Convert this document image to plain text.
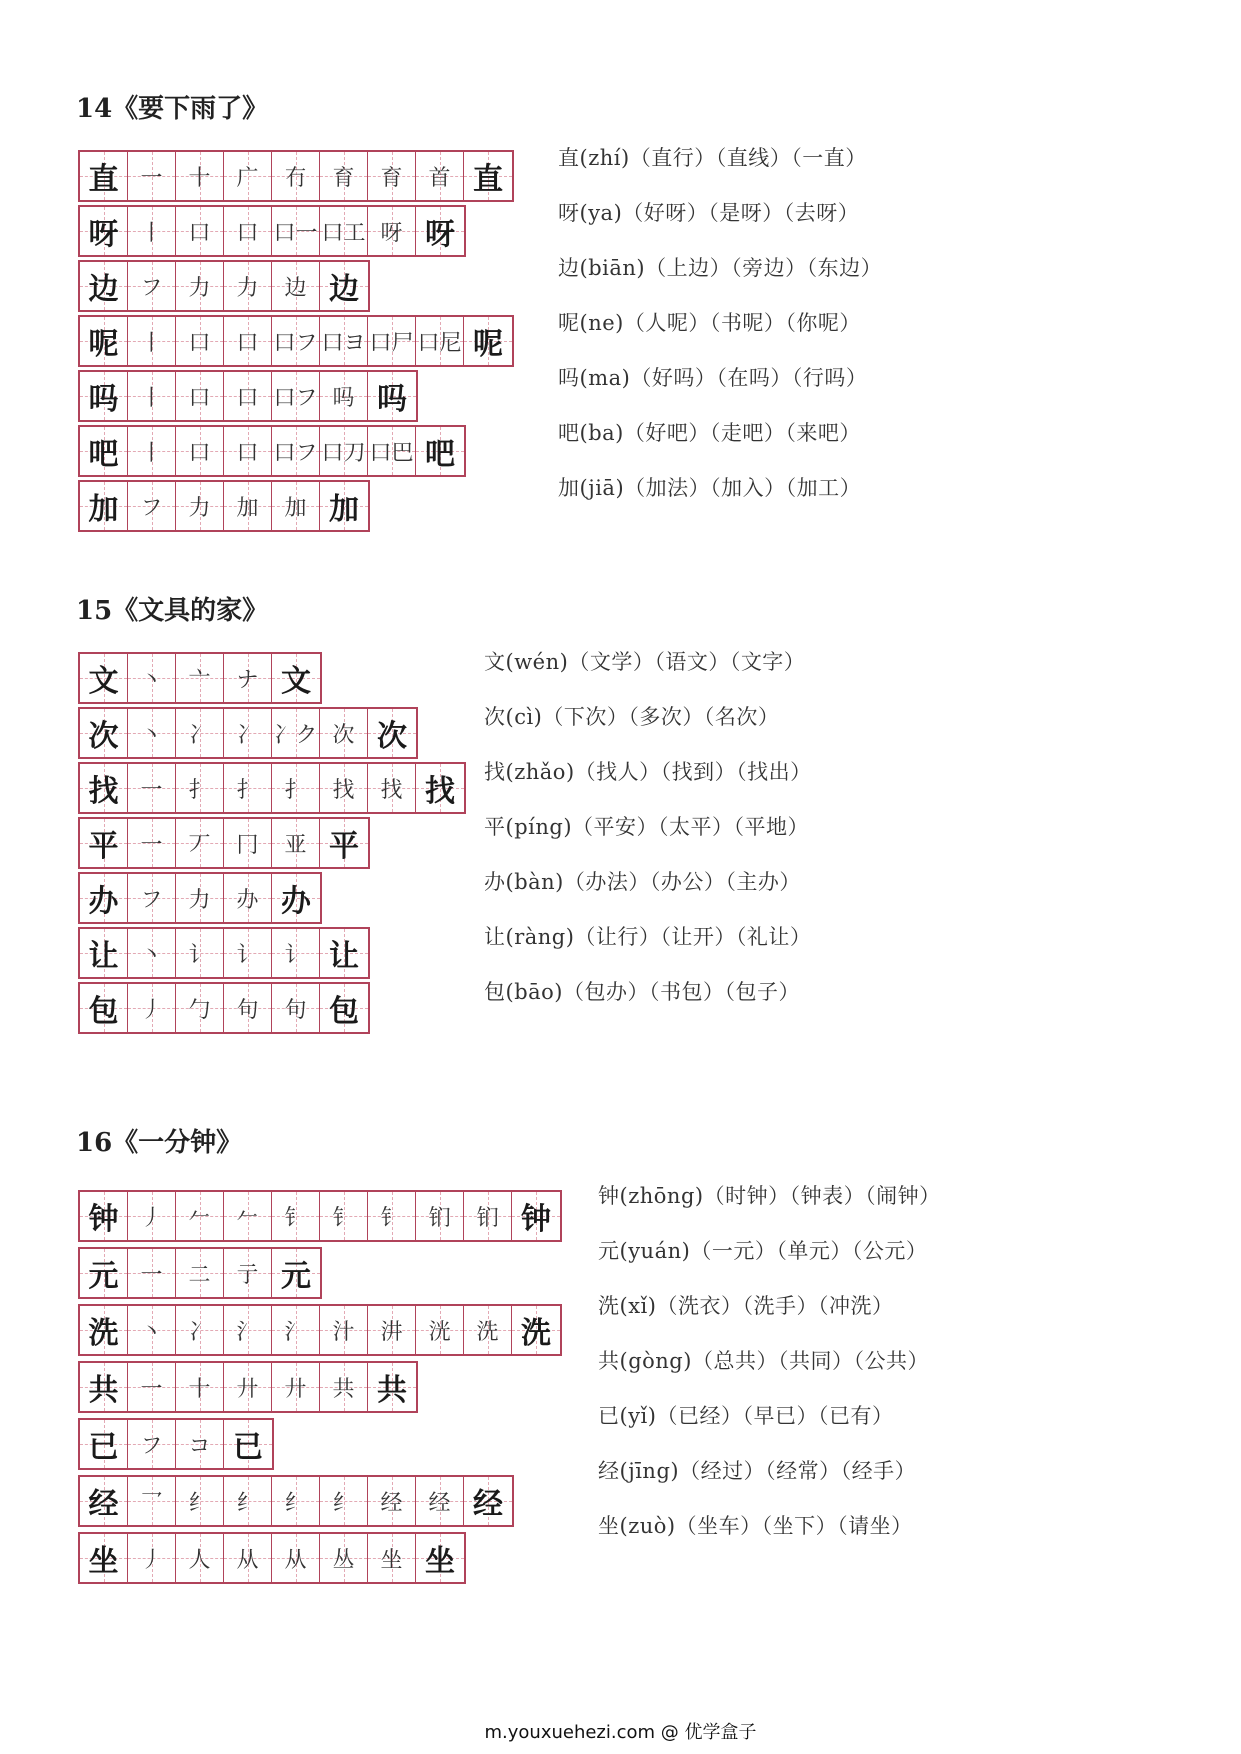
14《要下雨了》
直 一 十 广 冇 育 育 首 直
呀 丨 口 口 口一 口工 呀 呀
边 フ 力 力 边 边
呢 丨 口 口 口フ 口ヨ 口尸 口尼 呢
吗 丨 口 口 口フ 吗 吗
吧 丨 口 口 口フ 口刀 口巴 吧
加 フ 力 加 加 加
直(zhí)（直行）（直线）（一直）
呀(ya)（好呀）（是呀）（去呀）
边(biān)（上边）（旁边）（东边）
呢(ne)（人呢）（书呢）（你呢）
吗(ma)（好吗）（在吗）（行吗）
吧(ba)（好吧）（走吧）（来吧）
加(jiā)（加法）（加入）（加工）
15《文具的家》
文 丶 亠 ナ 文
次 丶 冫 冫 冫ク 次 次
找 一 扌 扌 扌 找 找 找
平 一 丆 冂 亚 平
办 フ 力 办 办
让 丶 讠 讠 讠 让
包 丿 勹 句 句 包
文(wén)（文学）（语文）（文字）
次(cì)（下次）（多次）（名次）
找(zhǎo)（找人）（找到）（找出）
平(píng)（平安）（太平）（平地）
办(bàn)（办法）（办公）（主办）
让(ràng)（让行）（让开）（礼让）
包(bāo)（包办）（书包）（包子）
16《一分钟》
钟 丿 𠂉 𠂉 钅 钅 钅 钔 钔 钟
元 一 二 亍 元
洗 丶 冫 氵 氵 汁 汫 洸 洗 洗
共 一 十 廾 廾 共 共
已 フ コ 已
经 乛 纟 纟 纟 纟 经 经 经
坐 丿 人 从 从 丛 坐 坐
钟(zhōng)（时钟）（钟表）（闹钟）
元(yuán)（一元）（单元）（公元）
洗(xǐ)（洗衣）（洗手）（冲洗）
共(gòng)（总共）（共同）（公共）
已(yǐ)（已经）（早已）（已有）
经(jīng)（经过）（经常）（经手）
坐(zuò)（坐车）（坐下）（请坐）
m.youxuehezi.com @ 优学盒子
